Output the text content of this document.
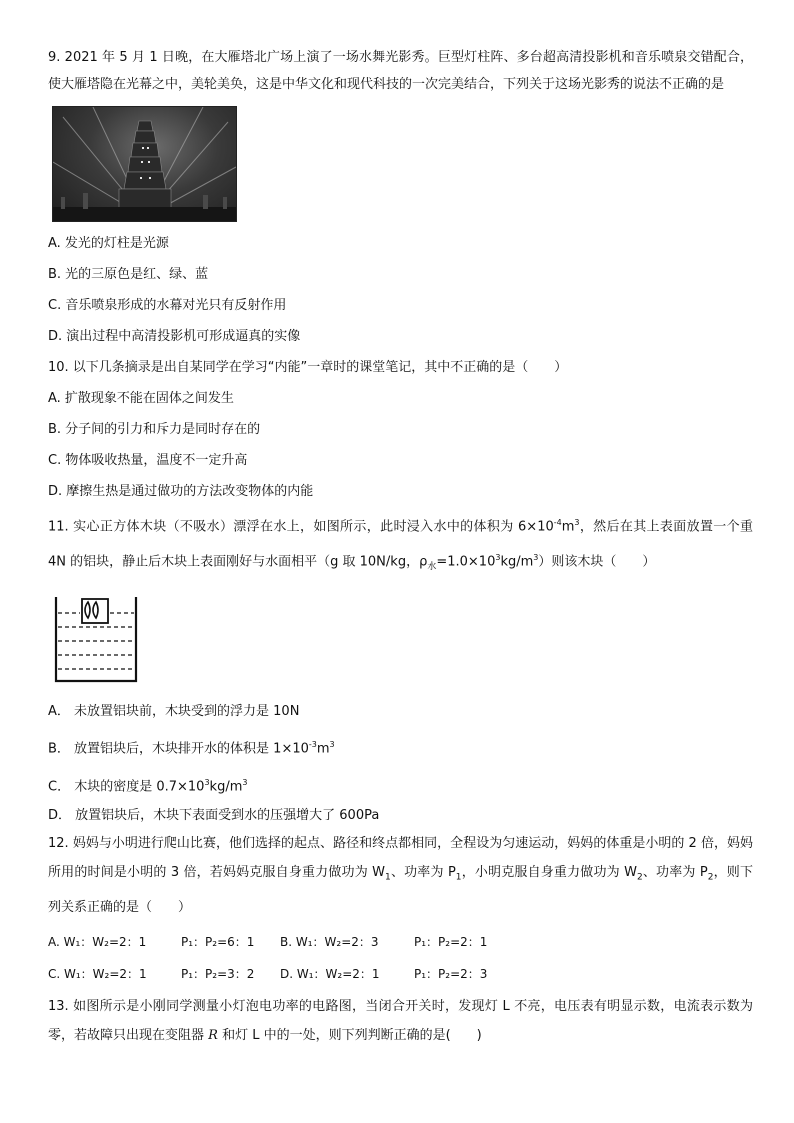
9. 2021 年 5 月 1 日晚，在大雁塔北广场上演了一场水舞光影秀。巨型灯柱阵、多台超高清投影机和音乐喷泉交错配合，使大雁塔隐在光幕之中，美轮美奂，这是中华文化和现代科技的一次完美结合，下列关于这场光影秀的说法不正确的是

A. 发光的灯柱是光源

B. 光的三原色是红、绿、蓝

C. 音乐喷泉形成的水幕对光只有反射作用

D. 演出过程中高清投影机可形成逼真的实像

10. 以下几条摘录是出自某同学在学习“内能”一章时的课堂笔记，其中不正确的是（　　）

A. 扩散现象不能在固体之间发生

B. 分子间的引力和斥力是同时存在的

C. 物体吸收热量，温度不一定升高

D. 摩擦生热是通过做功的方法改变物体的内能

11. 实心正方体木块（不吸水）漂浮在水上，如图所示，此时浸入水中的体积为 $6\times 10^{-4}m^3$，然后在其上表面放置一个重 4N 的铝块，静止后木块上表面刚好与水面相平（g 取 10N/kg，$\rho_水=1.0\times 10^3kg/m^3$）则该木块（　　）

A． 未放置铝块前，木块受到的浮力是 10N

B． 放置铝块后，木块排开水的体积是 $1\times 10^{-3}m^3$

C． 木块的密度是 $0.7\times 10^3kg/m^3$

D． 放置铝块后，木块下表面受到水的压强增大了 600Pa

12. 妈妈与小明进行爬山比赛，他们选择的起点、路径和终点都相同，全程设为匀速运动，妈妈的体重是小明的 2 倍，妈妈所用的时间是小明的 3 倍，若妈妈克服自身重力做功为 $W_1$、功率为 $P_1$，小明克服自身重力做功为 $W_2$、功率为 $P_2$，则下列关系正确的是（　　）

A. W₁：W₂=2：1	P₁：P₂=6：1	B. W₁：W₂=2：3	P₁：P₂=2：1
C. W₁：W₂=2：1	P₁：P₂=3：2	D. W₁：W₂=2：1	P₁：P₂=2：3

13. 如图所示是小刚同学测量小灯泡电功率的电路图，当闭合开关时，发现灯 L 不亮，电压表有明显示数，电流表示数为零，若故障只出现在变阻器 R 和灯 L 中的一处，则下列判断正确的是(　　)
